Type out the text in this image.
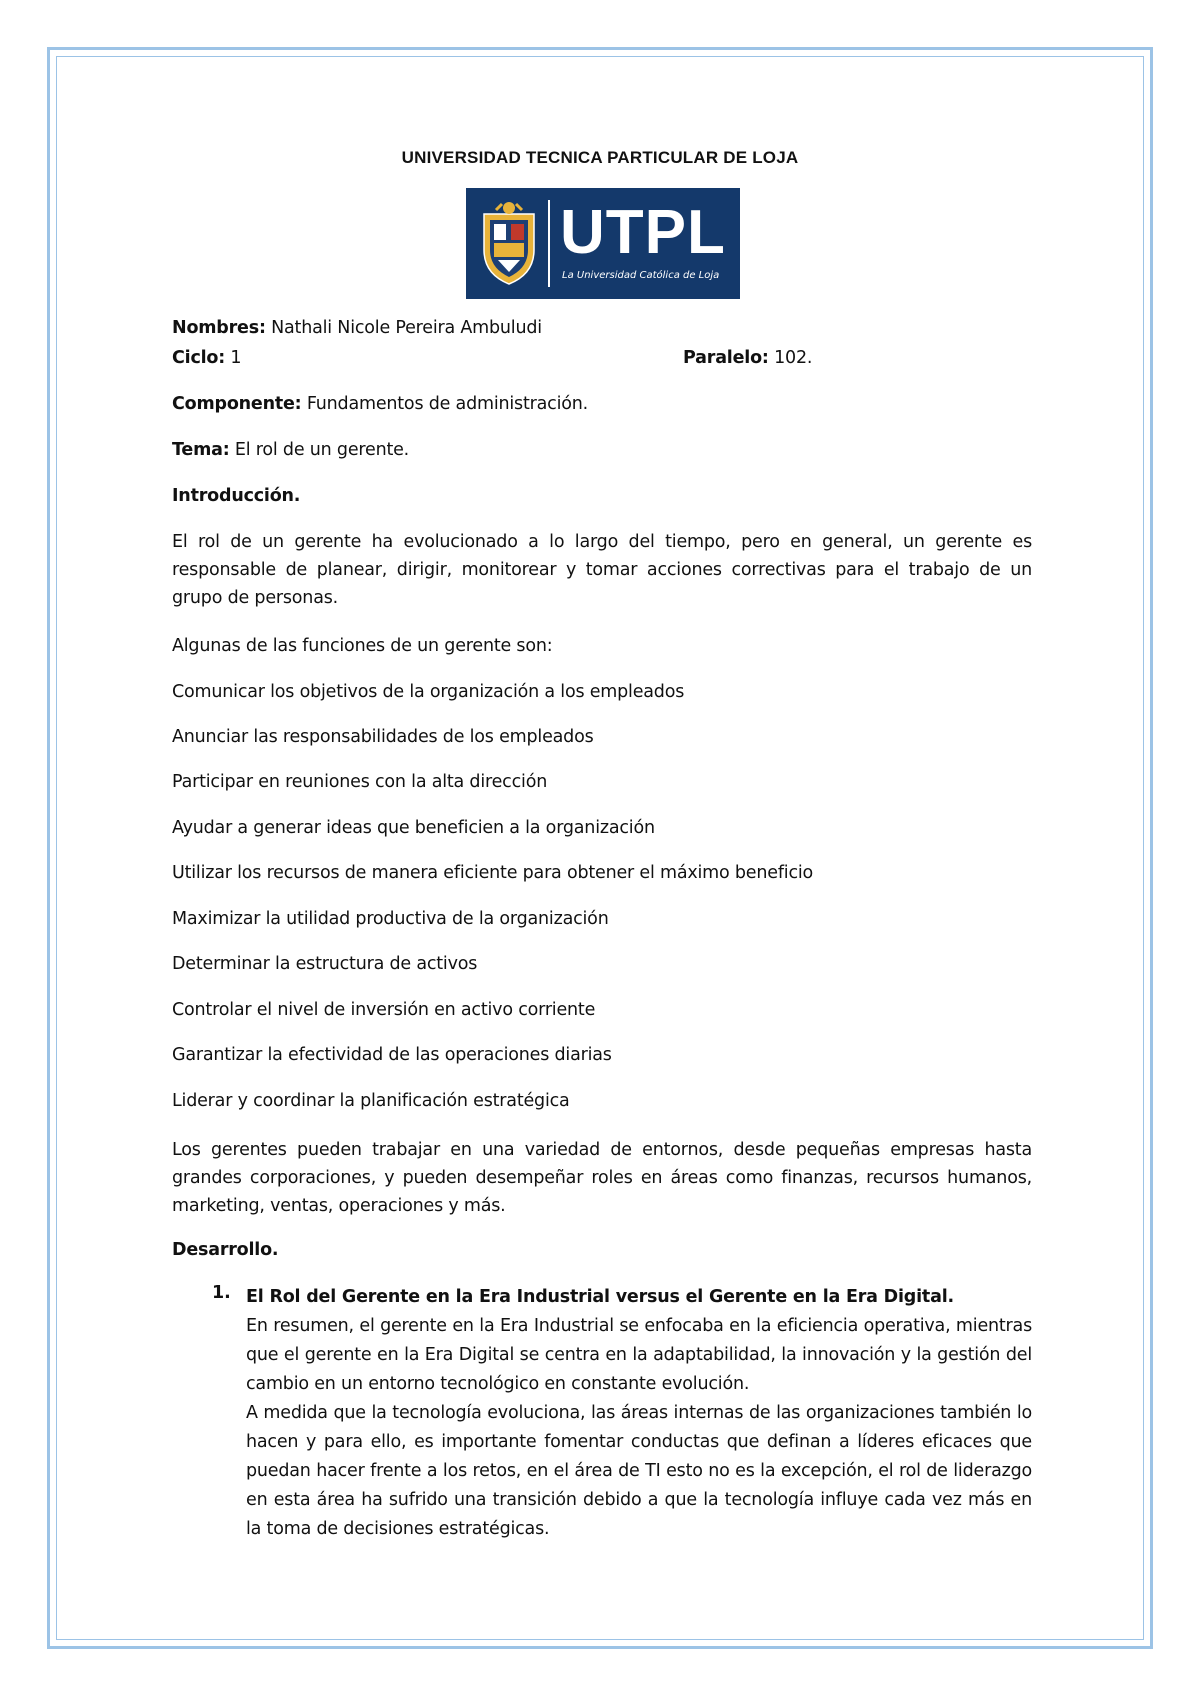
UNIVERSIDAD TECNICA PARTICULAR DE LOJA
UTPL
La Universidad Católica de Loja
Nombres: Nathali Nicole Pereira Ambuludi
Ciclo: 1	Paralelo: 102.
Componente: Fundamentos de administración.
Tema: El rol de un gerente.
Introducción.
El rol de un gerente ha evolucionado a lo largo del tiempo, pero en general, un gerente es responsable de planear, dirigir, monitorear y tomar acciones correctivas para el trabajo de un grupo de personas.
Algunas de las funciones de un gerente son:
Comunicar los objetivos de la organización a los empleados
Anunciar las responsabilidades de los empleados
Participar en reuniones con la alta dirección
Ayudar a generar ideas que beneficien a la organización
Utilizar los recursos de manera eficiente para obtener el máximo beneficio
Maximizar la utilidad productiva de la organización
Determinar la estructura de activos
Controlar el nivel de inversión en activo corriente
Garantizar la efectividad de las operaciones diarias
Liderar y coordinar la planificación estratégica
Los gerentes pueden trabajar en una variedad de entornos, desde pequeñas empresas hasta grandes corporaciones, y pueden desempeñar roles en áreas como finanzas, recursos humanos, marketing, ventas, operaciones y más.
Desarrollo.
1. El Rol del Gerente en la Era Industrial versus el Gerente en la Era Digital.
En resumen, el gerente en la Era Industrial se enfocaba en la eficiencia operativa, mientras que el gerente en la Era Digital se centra en la adaptabilidad, la innovación y la gestión del cambio en un entorno tecnológico en constante evolución.
A medida que la tecnología evoluciona, las áreas internas de las organizaciones también lo hacen y para ello, es importante fomentar conductas que definan a líderes eficaces que puedan hacer frente a los retos, en el área de TI esto no es la excepción, el rol de liderazgo en esta área ha sufrido una transición debido a que la tecnología influye cada vez más en la toma de decisiones estratégicas.
